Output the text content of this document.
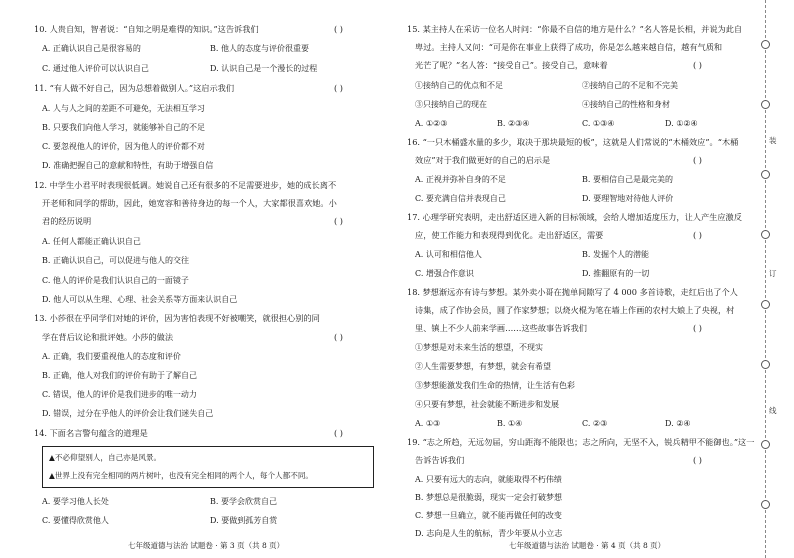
10. 人贵自知，智者说：“自知之明是难得的知识。”这告诉我们	( )
A. 正确认识自己是很容易的	B. 他人的态度与评价很重要
C. 通过他人评价可以认识自己	D. 认识自己是一个漫长的过程
11. “有人做不好自己，因为总想着做别人。”这启示我们	( )
A. 人与人之间的差距不可避免，无法相互学习
B. 只要我们向他人学习，就能够补自己的不足
C. 要忽视他人的评价，因为他人的评价都不对
D. 准确把握自己的意献和特性，有助于增强自信
12. 中学生小君平时表现很低调。她说自己还有很多的不足需要进步，她的成长离不
开老师和同学的帮助，因此，她宽容和善待身边的每一个人，大家都很喜欢她。小
君的经历说明	( )
A. 任何人都能正确认识自己
B. 正确认识自己，可以促进与他人的交往
C. 他人的评价是我们认识自己的一面镜子
D. 他人可以从生理、心理、社会关系等方面来认识自己
13. 小莎很在乎同学们对她的评价，因为害怕表现不好被嘲笑，就很担心别的同
学在背后议论和批评她。小莎的做法	( )
A. 正确，我们要重视他人的态度和评价
B. 正确，他人对我们的评价有助于了解自己
C. 错误，他人的评价是我们进步的唯一动力
D. 错误，过分在乎他人的评价会让我们迷失自己
14. 下面名言警句蕴含的道理是	( )
▲不必仰望别人，自己亦是风景。
▲世界上没有完全相同的两片树叶，也没有完全相同的两个人，每个人都不同。
A. 要学习他人长处	B. 要学会欣赏自己
C. 要懂得欣赏他人	D. 要做到孤芳自赏
七年级道德与法治 试题卷 · 第 3 页（共 8 页）
15. 某主持人在采访一位名人时问：“你最不自信的地方是什么？”名人答是长相，并说为此自
卑过。主持人又问：“可是你在事业上获得了成功，你是怎么越来越自信，越有气质和
光芒了呢？”名人答：“接受自己”。接受自己，意味着	( )
①接纳自己的优点和不足	②接纳自己的不足和不完美
③只接纳自己的现在	④接纳自己的性格和身材
A. ①②③	B. ②③④	C. ①③④	D. ①②④
16. “一只木桶盛水量的多少，取决于那块最短的板”，这就是人们常说的“木桶效应”。“木桶
效应”对于我们做更好的自己的启示是	( )
A. 正视并弥补自身的不足	B. 要相信自己是最完美的
C. 要充满自信并表现自己	D. 要理智地对待他人评价
17. 心理学研究表明，走出舒适区进入新的目标领域，会给人增加适度压力，让人产生应激反
应，使工作能力和表现得到优化。走出舒适区，需要	( )
A. 认可和相信他人	B. 发掘个人的潜能
C. 增强合作意识	D. 推翻原有的一切
18. 梦想渐远亦有诗与梦想。某外卖小哥在抛单间隙写了 4 000 多首诗歌，走红后出了个人
诗集，成了作协会员，圆了作家梦想；以烧火棍为笔在墙上作画的农村大娘上了央视，村
里、镇上不少人前来学画……这些故事告诉我们	( )
①梦想是对未来生活的想望，不现实
②人生需要梦想，有梦想，就会有希望
③梦想能激发我们生命的热情，让生活有色彩
④只要有梦想，社会就能不断进步和发展
A. ①③	B. ①④	C. ②③	D. ②④
19. “志之所趋，无远勿届，穷山距海不能限也；志之所向，无坚不入，锐兵精甲不能御也。”这一
告诉告诉我们	( )
A. 只要有远大的志向，就能取得不朽伟绩
B. 梦想总是很脆弱，现实一定会打破梦想
C. 梦想一旦确立，就不能再做任何的改变
D. 志向是人生的航标，青少年要从小立志
七年级道德与法治 试题卷 · 第 4 页（共 8 页）
装
订
线
